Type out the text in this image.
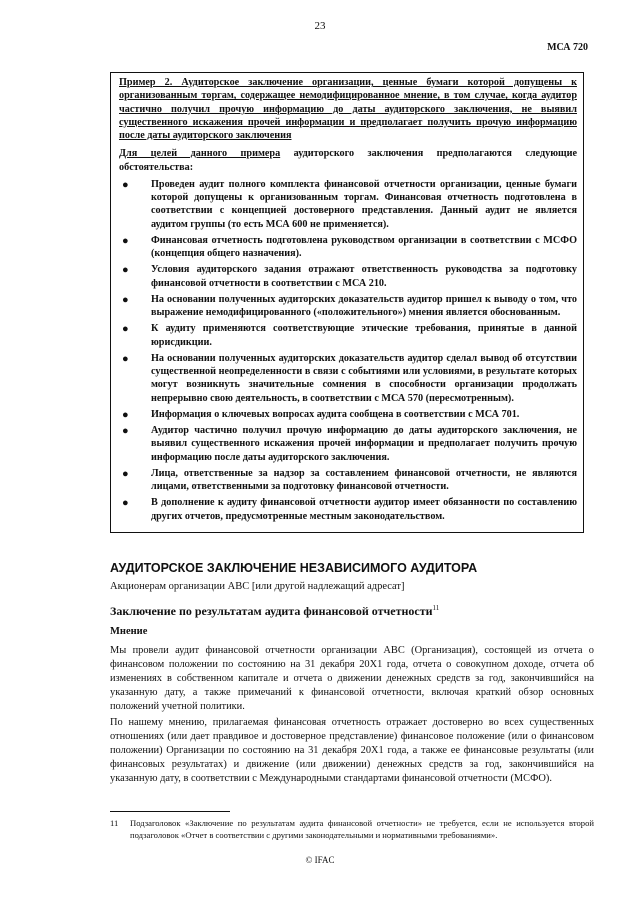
23
МСА 720
Пример 2. Аудиторское заключение организации, ценные бумаги которой допущены к организованным торгам, содержащее немодифицированное мнение, в том случае, когда аудитор частично получил прочую информацию до даты аудиторского заключения, не выявил существенного искажения прочей информации и предполагает получить прочую информацию после даты аудиторского заключения
Для целей данного примера аудиторского заключения предполагаются следующие обстоятельства:
● Проведен аудит полного комплекта финансовой отчетности организации, ценные бумаги которой допущены к организованным торгам. Финансовая отчетность подготовлена в соответствии с концепцией достоверного представления. Данный аудит не является аудитом группы (то есть МСА 600 не применяется).
● Финансовая отчетность подготовлена руководством организации в соответствии с МСФО (концепция общего назначения).
● Условия аудиторского задания отражают ответственность руководства за подготовку финансовой отчетности в соответствии с МСА 210.
● На основании полученных аудиторских доказательств аудитор пришел к выводу о том, что выражение немодифицированного («положительного») мнения является обоснованным.
● К аудиту применяются соответствующие этические требования, принятые в данной юрисдикции.
● На основании полученных аудиторских доказательств аудитор сделал вывод об отсутствии существенной неопределенности в связи с событиями или условиями, в результате которых могут возникнуть значительные сомнения в способности организации продолжать непрерывно свою деятельность, в соответствии с МСА 570 (пересмотренным).
● Информация о ключевых вопросах аудита сообщена в соответствии с МСА 701.
● Аудитор частично получил прочую информацию до даты аудиторского заключения, не выявил существенного искажения прочей информации и предполагает получить прочую информацию после даты аудиторского заключения.
● Лица, ответственные за надзор за составлением финансовой отчетности, не являются лицами, ответственными за подготовку финансовой отчетности.
● В дополнение к аудиту финансовой отчетности аудитор имеет обязанности по составлению других отчетов, предусмотренные местным законодательством.
АУДИТОРСКОЕ ЗАКЛЮЧЕНИЕ НЕЗАВИСИМОГО АУДИТОРА
Акционерам организации ABC [или другой надлежащий адресат]
Заключение по результатам аудита финансовой отчетности$^{11}$
Мнение
Мы провели аудит финансовой отчетности организации ABC (Организация), состоящей из отчета о финансовом положении по состоянию на 31 декабря 20Х1 года, отчета о совокупном доходе, отчета об изменениях в собственном капитале и отчета о движении денежных средств за год, закончившийся на указанную дату, а также примечаний к финансовой отчетности, включая краткий обзор основных положений учетной политики.
По нашему мнению, прилагаемая финансовая отчетность отражает достоверно во всех существенных отношениях (или дает правдивое и достоверное представление) финансовое положение (или о финансовом положении) Организации по состоянию на 31 декабря 20Х1 года, а также ее финансовые результаты (или финансовых результатах) и движение (или движении) денежных средств за год, закончившийся на указанную дату, в соответствии с Международными стандартами финансовой отчетности (МСФО).
11	Подзаголовок «Заключение по результатам аудита финансовой отчетности» не требуется, если не используется второй подзаголовок «Отчет в соответствии с другими законодательными и нормативными требованиями».
© IFAC
